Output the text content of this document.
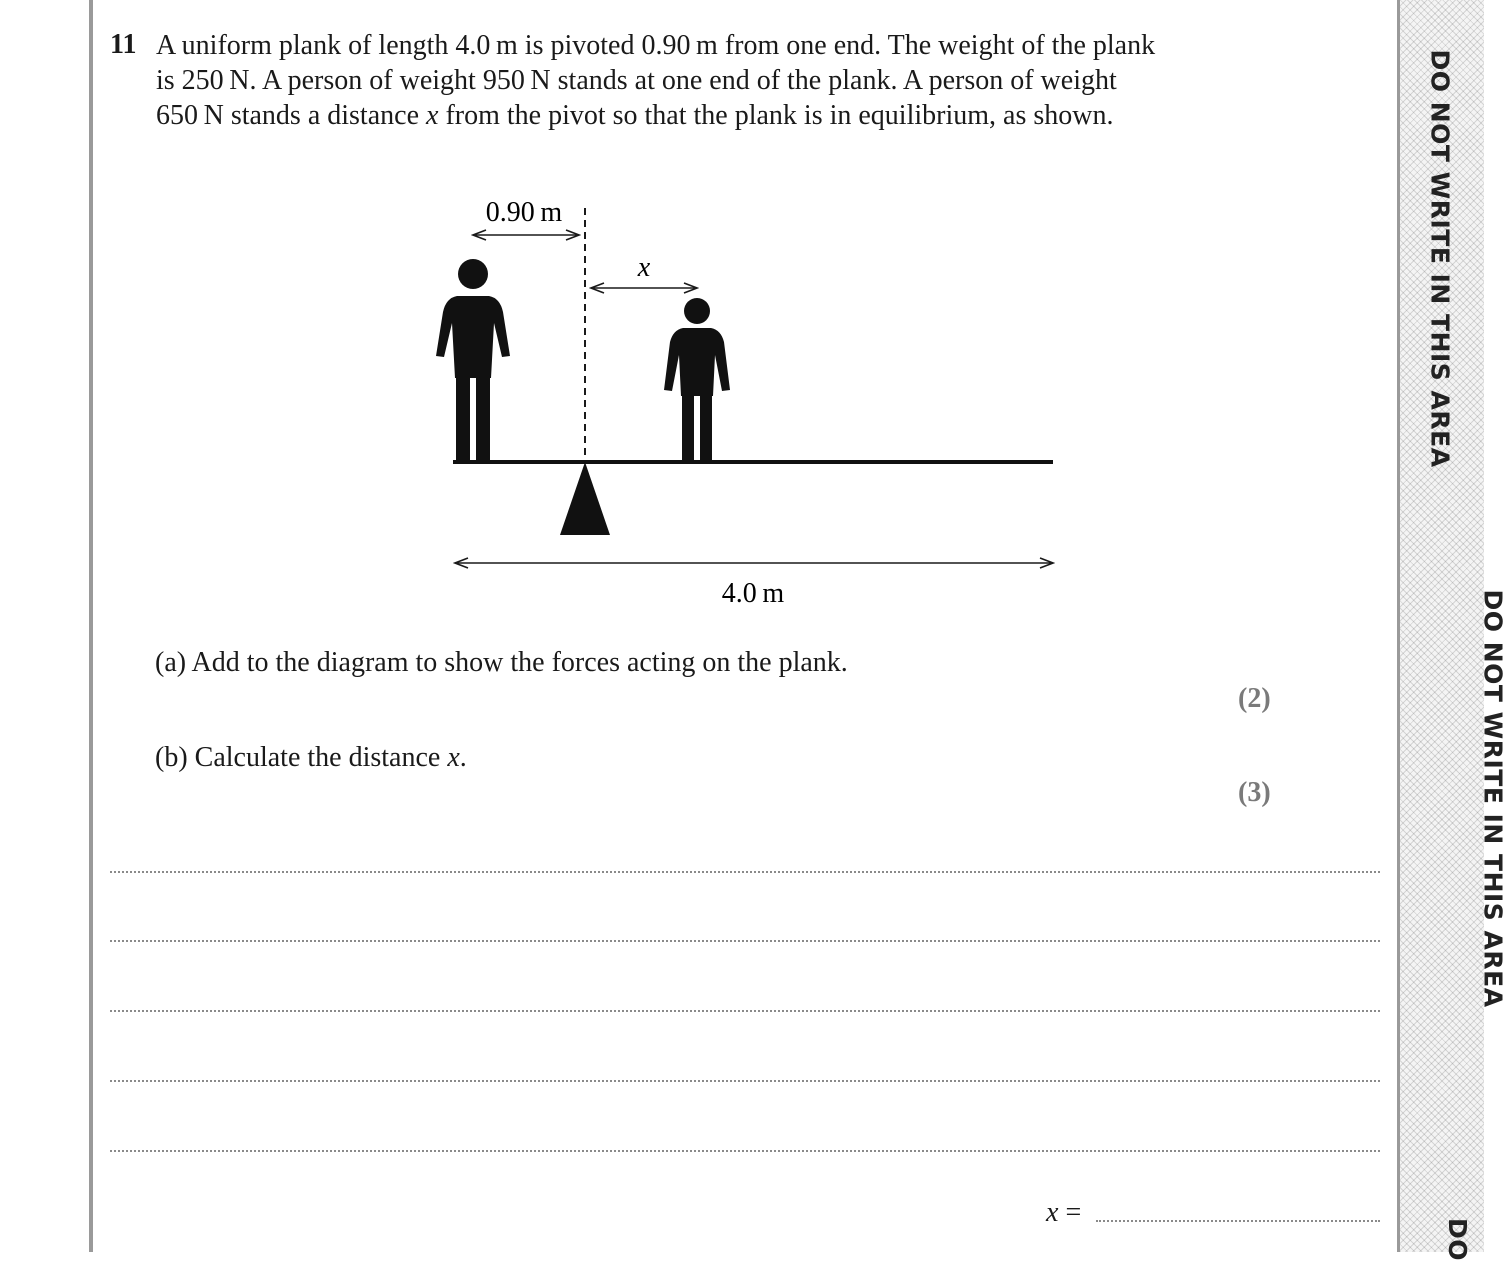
DO NOT WRITE IN THIS AREA
DO NOT WRITE IN THIS AREA
DO
11 A uniform plank of length 4.0 m is pivoted 0.90 m from one end. The weight of the plank
is 250 N. A person of weight 950 N stands at one end of the plank. A person of weight
650 N stands a distance x from the pivot so that the plank is in equilibrium, as shown.
0.90 m
x
4.0 m
(a) Add to the diagram to show the forces acting on the plank.
(2)
(b) Calculate the distance x.
(3)
x =
